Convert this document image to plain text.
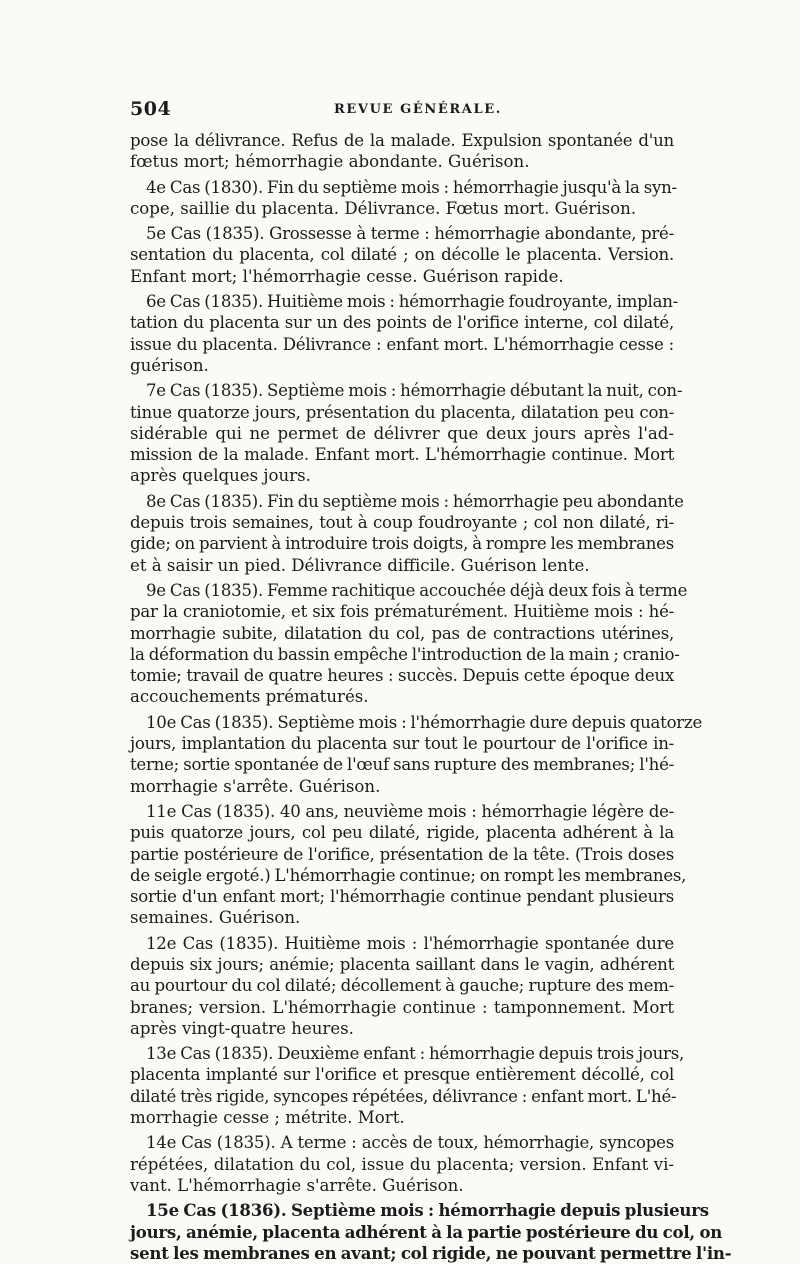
504	REVUE GÉNÉRALE.
pose la délivrance. Refus de la malade. Expulsion spontanée d'un
fœtus mort; hémorrhagie abondante. Guérison.
4e Cas (1830). Fin du septième mois : hémorrhagie jusqu'à la syn-
cope, saillie du placenta. Délivrance. Fœtus mort. Guérison.
5e Cas (1835). Grossesse à terme : hémorrhagie abondante, pré-
sentation du placenta, col dilaté ; on décolle le placenta. Version.
Enfant mort; l'hémorrhagie cesse. Guérison rapide.
6e Cas (1835). Huitième mois : hémorrhagie foudroyante, implan-
tation du placenta sur un des points de l'orifice interne, col dilaté,
issue du placenta. Délivrance : enfant mort. L'hémorrhagie cesse :
guérison.
7e Cas (1835). Septième mois : hémorrhagie débutant la nuit, con-
tinue quatorze jours, présentation du placenta, dilatation peu con-
sidérable qui ne permet de délivrer que deux jours après l'ad-
mission de la malade. Enfant mort. L'hémorrhagie continue. Mort
après quelques jours.
8e Cas (1835). Fin du septième mois : hémorrhagie peu abondante
depuis trois semaines, tout à coup foudroyante ; col non dilaté, ri-
gide; on parvient à introduire trois doigts, à rompre les membranes
et à saisir un pied. Délivrance difficile. Guérison lente.
9e Cas (1835). Femme rachitique accouchée déjà deux fois à terme
par la craniotomie, et six fois prématurément. Huitième mois : hé-
morrhagie subite, dilatation du col, pas de contractions utérines,
la déformation du bassin empêche l'introduction de la main ; cranio-
tomie; travail de quatre heures : succès. Depuis cette époque deux
accouchements prématurés.
10e Cas (1835). Septième mois : l'hémorrhagie dure depuis quatorze
jours, implantation du placenta sur tout le pourtour de l'orifice in-
terne; sortie spontanée de l'œuf sans rupture des membranes; l'hé-
morrhagie s'arrête. Guérison.
11e Cas (1835). 40 ans, neuvième mois : hémorrhagie légère de-
puis quatorze jours, col peu dilaté, rigide, placenta adhérent à la
partie postérieure de l'orifice, présentation de la tête. (Trois doses
de seigle ergoté.) L'hémorrhagie continue; on rompt les membranes,
sortie d'un enfant mort; l'hémorrhagie continue pendant plusieurs
semaines. Guérison.
12e Cas (1835). Huitième mois : l'hémorrhagie spontanée dure
depuis six jours; anémie; placenta saillant dans le vagin, adhérent
au pourtour du col dilaté; décollement à gauche; rupture des mem-
branes; version. L'hémorrhagie continue : tamponnement. Mort
après vingt-quatre heures.
13e Cas (1835). Deuxième enfant : hémorrhagie depuis trois jours,
placenta implanté sur l'orifice et presque entièrement décollé, col
dilaté très rigide, syncopes répétées, délivrance : enfant mort. L'hé-
morrhagie cesse ; métrite. Mort.
14e Cas (1835). A terme : accès de toux, hémorrhagie, syncopes
répétées, dilatation du col, issue du placenta; version. Enfant vi-
vant. L'hémorrhagie s'arrête. Guérison.
15e Cas (1836). Septième mois : hémorrhagie depuis plusieurs
jours, anémie, placenta adhérent à la partie postérieure du col, on
sent les membranes en avant; col rigide, ne pouvant permettre l'in-
